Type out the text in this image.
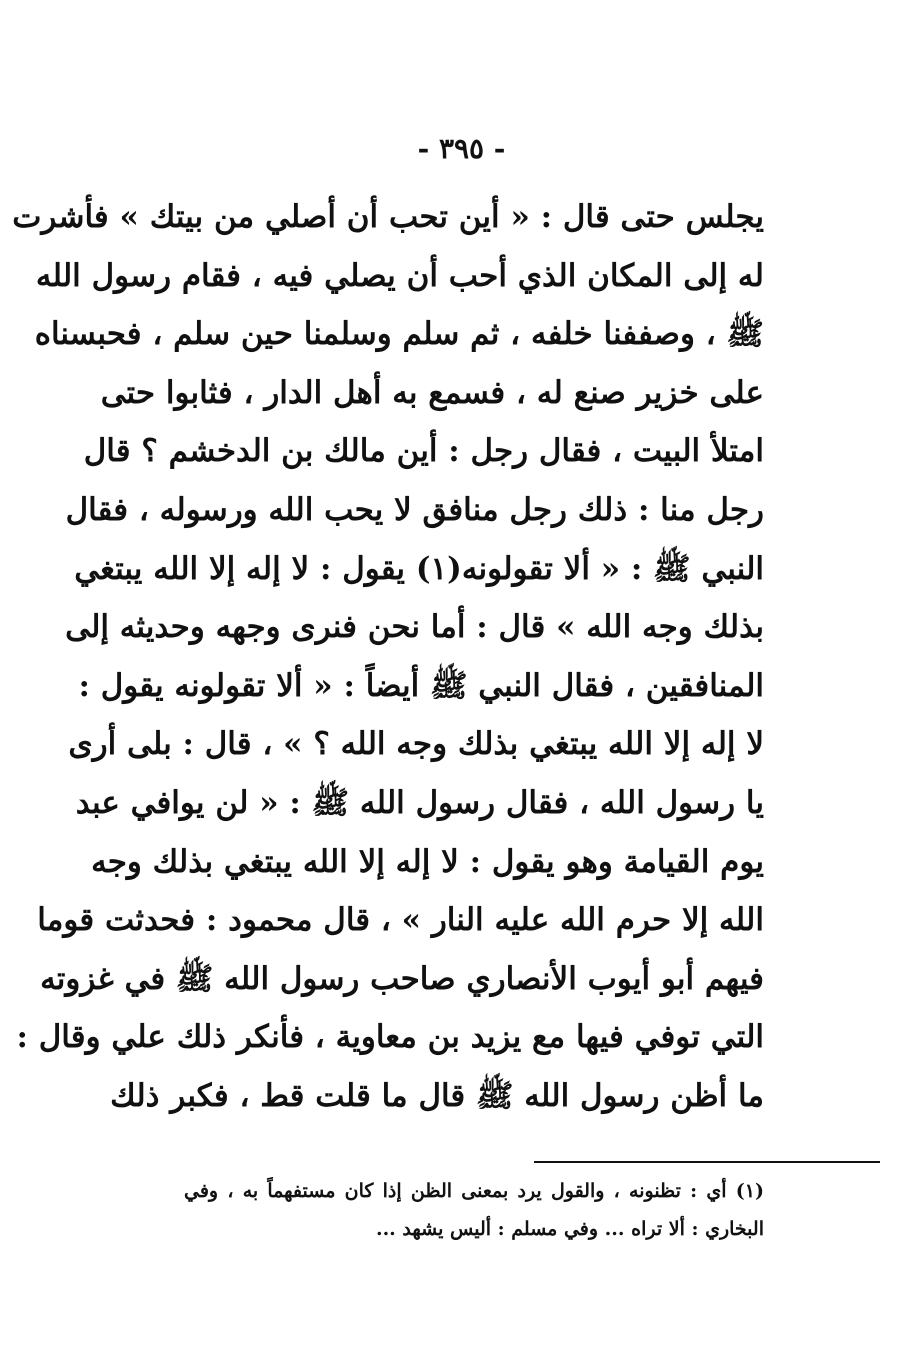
- ٣٩٥ -
يجلس حتى قال : « أين تحب أن أصلي من بيتك » فأشرت
له إلى المكان الذي أحب أن يصلي فيه ، فقام رسول الله
ﷺ ، وصففنا خلفه ، ثم سلم وسلمنا حين سلم ، فحبسناه
على خزير صنع له ، فسمع به أهل الدار ، فثابوا حتى
امتلأ البيت ، فقال رجل : أين مالك بن الدخشم ؟ قال
رجل منا : ذلك رجل منافق لا يحب الله ورسوله ، فقال
النبي ﷺ : « ألا تقولونه(١) يقول : لا إله إلا الله يبتغي
بذلك وجه الله » قال : أما نحن فنرى وجهه وحديثه إلى
المنافقين ، فقال النبي ﷺ أيضاً : « ألا تقولونه يقول :
لا إله إلا الله يبتغي بذلك وجه الله ؟ » ، قال : بلى أرى
يا رسول الله ، فقال رسول الله ﷺ : « لن يوافي عبد
يوم القيامة وهو يقول : لا إله إلا الله يبتغي بذلك وجه
الله إلا حرم الله عليه النار » ، قال محمود : فحدثت قوما
فيهم أبو أيوب الأنصاري صاحب رسول الله ﷺ في غزوته
التي توفي فيها مع يزيد بن معاوية ، فأنكر ذلك علي وقال :
ما أظن رسول الله ﷺ قال ما قلت قط ، فكبر ذلك
(١) أي : تظنونه ، والقول يرد بمعنى الظن إذا كان مستفهماً به ، وفي
البخاري : ألا تراه ... وفي مسلم : أليس يشهد ...
